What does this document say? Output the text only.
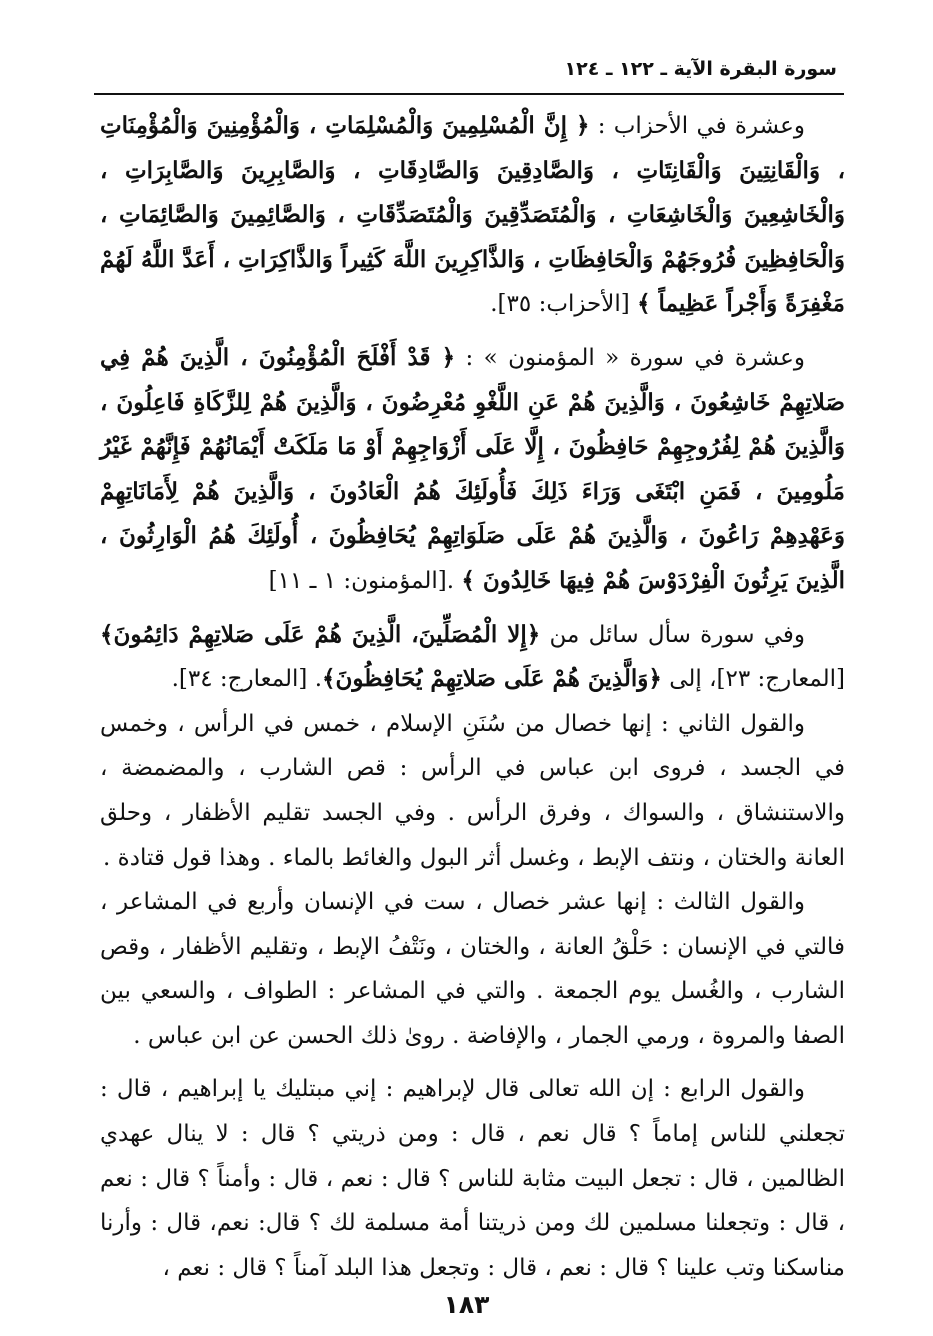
سورة البقرة الآية ـ ١٢٢ ـ ١٢٤

وعشرة في الأحزاب : ﴿ إِنَّ الْمُسْلِمِينَ وَالْمُسْلِمَاتِ ، وَالْمُؤْمِنِينَ وَالْمُؤْمِنَاتِ ، وَالْقَانِتِينَ وَالْقَانِتَاتِ ، وَالصَّادِقِينَ وَالصَّادِقَاتِ ، وَالصَّابِرِينَ وَالصَّابِرَاتِ ، وَالْخَاشِعِينَ وَالْخَاشِعَاتِ ، وَالْمُتَصَدِّقِينَ وَالْمُتَصَدِّقَاتِ ، وَالصَّائِمِينَ وَالصَّائِمَاتِ ، وَالْحَافِظِينَ فُرُوجَهُمْ وَالْحَافِظَاتِ ، وَالذَّاكِرِينَ اللَّهَ كَثِيراً وَالذَّاكِرَاتِ ، أَعَدَّ اللَّهُ لَهُمْ مَغْفِرَةً وَأَجْراً عَظِيماً ﴾ [الأحزاب: ٣٥].

وعشرة في سورة « المؤمنون » : ﴿ قَدْ أَفْلَحَ الْمُؤْمِنُونَ ، الَّذِينَ هُمْ فِي صَلاتِهِمْ خَاشِعُونَ ، وَالَّذِينَ هُمْ عَنِ اللَّغْوِ مُعْرِضُونَ ، وَالَّذِينَ هُمْ لِلزَّكَاةِ فَاعِلُونَ ، وَالَّذِينَ هُمْ لِفُرُوجِهِمْ حَافِظُونَ ، إِلَّا عَلَى أَزْوَاجِهِمْ أَوْ مَا مَلَكَتْ أَيْمَانُهُمْ فَإِنَّهُمْ غَيْرُ مَلُومِينَ ، فَمَنِ ابْتَغَى وَرَاءَ ذَلِكَ فَأُولَئِكَ هُمُ الْعَادُونَ ، وَالَّذِينَ هُمْ لِأَمَانَاتِهِمْ وَعَهْدِهِمْ رَاعُونَ ، وَالَّذِينَ هُمْ عَلَى صَلَوَاتِهِمْ يُحَافِظُونَ ، أُولَئِكَ هُمُ الْوَارِثُونَ ، الَّذِينَ يَرِثُونَ الْفِرْدَوْسَ هُمْ فِيهَا خَالِدُونَ ﴾ .[المؤمنون: ١ ـ ١١]

وفي سورة سأل سائل من ﴿إِلا الْمُصَلِّينَ، الَّذِينَ هُمْ عَلَى صَلاتِهِمْ دَائِمُونَ﴾ [المعارج: ٢٣]، إلى ﴿وَالَّذِينَ هُمْ عَلَى صَلاتِهِمْ يُحَافِظُونَ﴾. [المعارج: ٣٤].

والقول الثاني : إنها خصال من سُنَنِ الإسلام ، خمس في الرأس ، وخمس في الجسد ، فروى ابن عباس في الرأس : قص الشارب ، والمضمضة ، والاستنشاق ، والسواك ، وفرق الرأس . وفي الجسد تقليم الأظفار ، وحلق العانة والختان ، ونتف الإبط ، وغسل أثر البول والغائط بالماء . وهذا قول قتادة .

والقول الثالث : إنها عشر خصال ، ست في الإنسان وأربع في المشاعر ، فالتي في الإنسان : حَلْقُ العانة ، والختان ، ونَتْفُ الإبط ، وتقليم الأظفار ، وقص الشارب ، والغُسل يوم الجمعة . والتي في المشاعر : الطواف ، والسعي بين الصفا والمروة ، ورمي الجمار ، والإفاضة . روىٰ ذلك الحسن عن ابن عباس .

والقول الرابع : إن الله تعالى قال لإبراهيم : إني مبتليك يا إبراهيم ، قال : تجعلني للناس إماماً ؟ قال نعم ، قال : ومن ذريتي ؟ قال : لا ينال عهدي الظالمين ، قال : تجعل البيت مثابة للناس ؟ قال : نعم ، قال : وأمناً ؟ قال : نعم ، قال : وتجعلنا مسلمين لك ومن ذريتنا أمة مسلمة لك ؟ قال: نعم، قال : وأرنا مناسكنا وتب علينا ؟ قال : نعم ، قال : وتجعل هذا البلد آمناً ؟ قال : نعم ،

١٨٣
